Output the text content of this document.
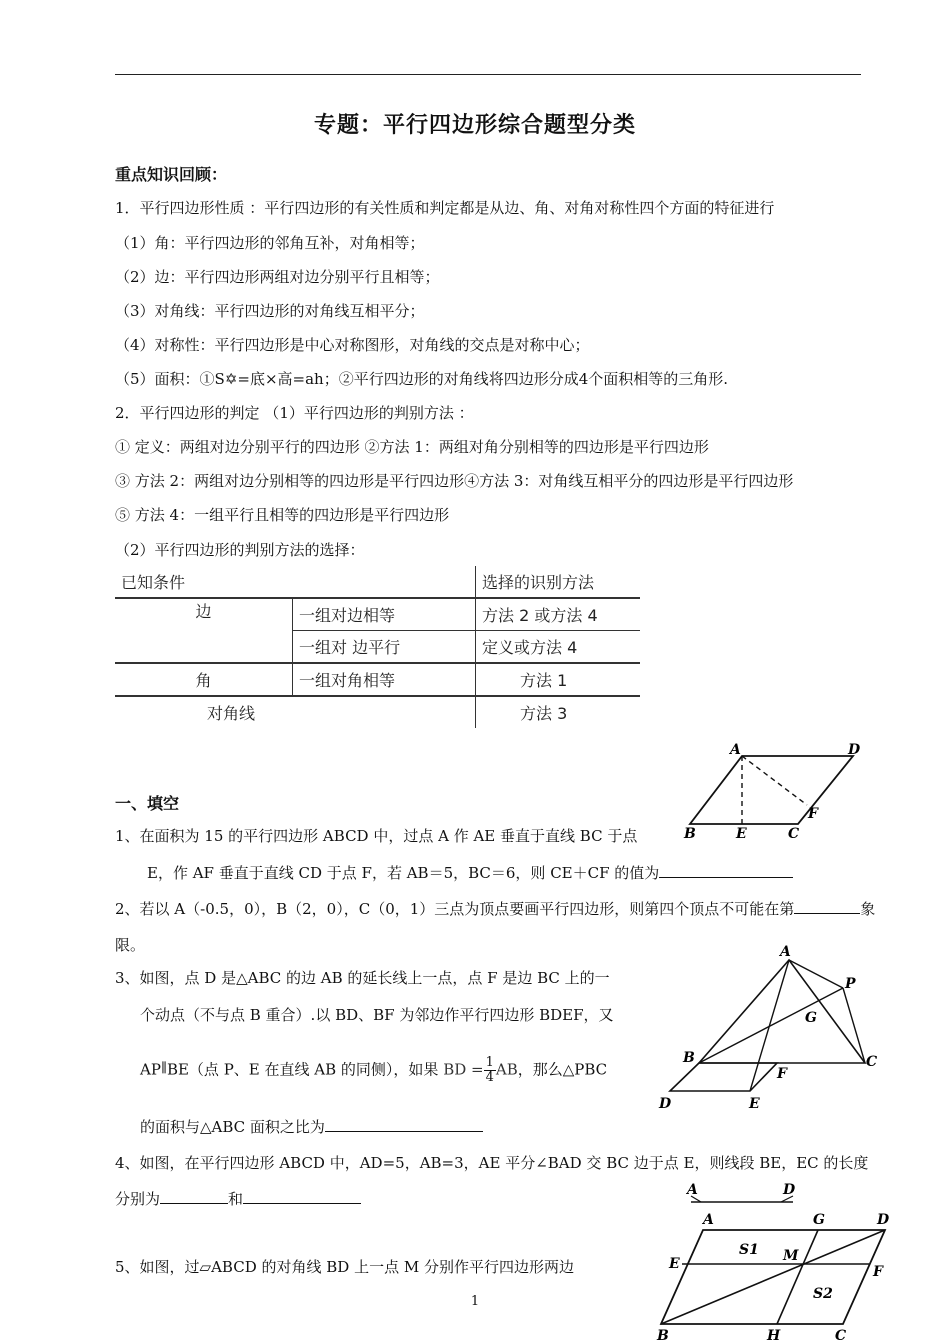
专题：平行四边形综合题型分类
重点知识回顾：
1．平行四边形性质 ：平行四边形的有关性质和判定都是从边、角、对角对称性四个方面的特征进行
（1）角：平行四边形的邻角互补，对角相等；
（2）边：平行四边形两组对边分别平行且相等；
（3）对角线：平行四边形的对角线互相平分；
（4）对称性：平行四边形是中心对称图形，对角线的交点是对称中心；
（5）面积：①S✡=底×高=ah；②平行四边形的对角线将四边形分成4个面积相等的三角形.
2．平行四边形的判定 （1）平行四边形的判别方法 ：
① 定义：两组对边分别平行的四边形 ②方法 1：两组对角分别相等的四边形是平行四边形
③ 方法 2：两组对边分别相等的四边形是平行四边形④方法 3：对角线互相平分的四边形是平行四边形
⑤ 方法 4：一组平行且相等的四边形是平行四边形
（2）平行四边形的判别方法的选择：
已知条件		选择的识别方法
边	一组对边相等	方法 2 或方法 4
	一组对 边平行	定义或方法 4
角	一组对角相等	方法 1
对角线		方法 3
A	D
B	E	C
F
一、填空
1、在面积为 15 的平行四边形 ABCD 中，过点 A 作 AE 垂直于直线 BC 于点
E，作 AF 垂直于直线 CD 于点 F，若 AB＝5，BC＝6，则 CE＋CF 的值为
2、若以 A（-0.5，0），B（2，0），C（0，1）三点为顶点要画平行四边形，则第四个顶点不可能在第	象
限。	A
P
G
B	C
F
D	E
3、如图，点 D 是△ABC 的边 AB 的延长线上一点，点 F 是边 BC 上的一
个动点（不与点 B 重合）.以 BD、BF 为邻边作平行四边形 BDEF，又
AP∥BE（点 P、E 在直线 AB 的同侧），如果 BD = $\frac{1}{4}AB$，那么△PBC
的面积与△ABC 面积之比为
4、如图，在平行四边形 ABCD 中，AD=5，AB=3，AE 平分∠BAD 交 BC 边于点 E，则线段 BE，EC 的长度
分别为	和	A	D
A	G	D
E
S1 M
F
S2
B	H	C
5、如图，过▱ABCD 的对角线 BD 上一点 M 分别作平行四边形两边
1
